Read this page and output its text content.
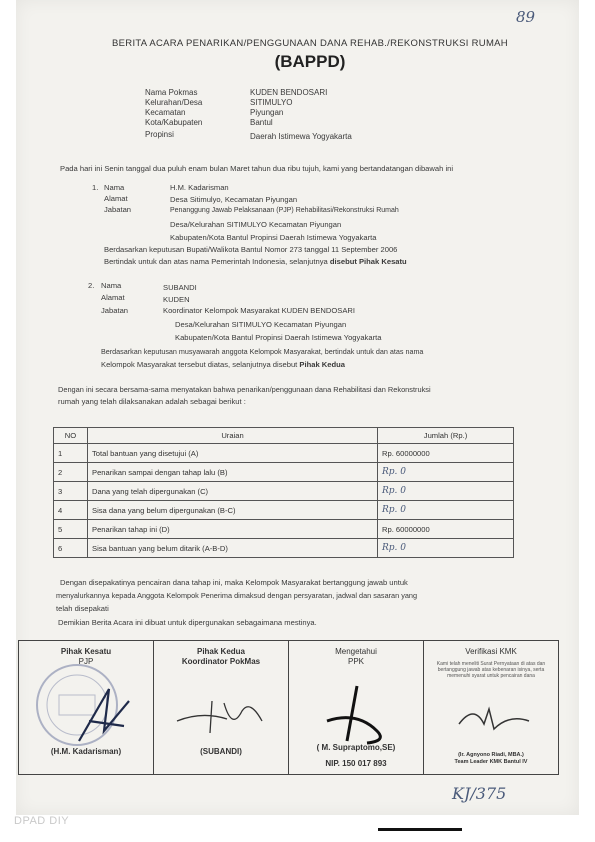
89
BERITA ACARA PENARIKAN/PENGGUNAAN DANA REHAB./REKONSTRUKSI RUMAH
(BAPPD)
Nama Pokmas	KUDEN BENDOSARI
Kelurahan/Desa	SITIMULYO
Kecamatan	Piyungan
Kota/Kabupaten	Bantul
Propinsi	Daerah Istimewa Yogyakarta
Pada hari ini Senin tanggal dua puluh enam bulan Maret tahun dua ribu tujuh, kami yang bertandatangan dibawah ini
1. Nama	H.M. Kadarisman
Alamat	Desa Sitimulyo, Kecamatan Piyungan
Jabatan	Penanggung Jawab Pelaksanaan (PJP) Rehabilitasi/Rekonstruksi Rumah
Desa/Kelurahan SITIMULYO Kecamatan Piyungan
Kabupaten/Kota Bantul Propinsi Daerah Istimewa Yogyakarta
Berdasarkan keputusan Bupati/Walikota Bantul Nomor 273 tanggal 11 September 2006
Bertindak untuk dan atas nama Pemerintah Indonesia, selanjutnya disebut Pihak Kesatu
2. Nama	SUBANDI
Alamat	KUDEN
Jabatan	Koordinator Kelompok Masyarakat KUDEN BENDOSARI
Desa/Kelurahan SITIMULYO Kecamatan Piyungan
Kabupaten/Kota Bantul Propinsi Daerah Istimewa Yogyakarta
Berdasarkan keputusan musyawarah anggota Kelompok Masyarakat, bertindak untuk dan atas nama
Kelompok Masyarakat tersebut diatas, selanjutnya disebut Pihak Kedua
Dengan ini secara bersama-sama menyatakan bahwa penarikan/penggunaan dana Rehabilitasi dan Rekonstruksi
rumah yang telah dilaksanakan adalah sebagai berikut :
NO	Uraian	Jumlah (Rp.)
1	Total bantuan yang disetujui (A)	Rp. 60000000
2	Penarikan sampai dengan tahap lalu (B)	Rp. 0
3	Dana yang telah dipergunakan (C)	Rp. 0
4	Sisa dana yang belum dipergunakan (B-C)	Rp. 0
5	Penarikan tahap ini (D)	Rp. 60000000
6	Sisa bantuan yang belum ditarik (A-B-D)	Rp. 0
Dengan disepakatinya pencairan dana tahap ini, maka Kelompok Masyarakat bertanggung jawab untuk
menyalurkannya kepada Anggota Kelompok Penerima dimaksud dengan persyaratan, jadwal dan sasaran yang
telah disepakati
Demikian Berita Acara ini dibuat untuk dipergunakan sebagaimana mestinya.
Pihak Kesatu
PJP
(H.M. Kadarisman)
Pihak Kedua
Koordinator PokMas
(SUBANDI)
Mengetahui
PPK
( M. Supraptomo,SE)
NIP. 150 017 893
Verifikasi KMK
Kami telah meneliti Surat Pernyataan di atas dan bertanggung jawab atas kebenaran isinya, serta memenuhi syarat untuk pencairan dana
(Ir. Agnyono Riadi, MBA.)
Team Leader KMK Bantul IV
KJ/375
DPAD DIY
